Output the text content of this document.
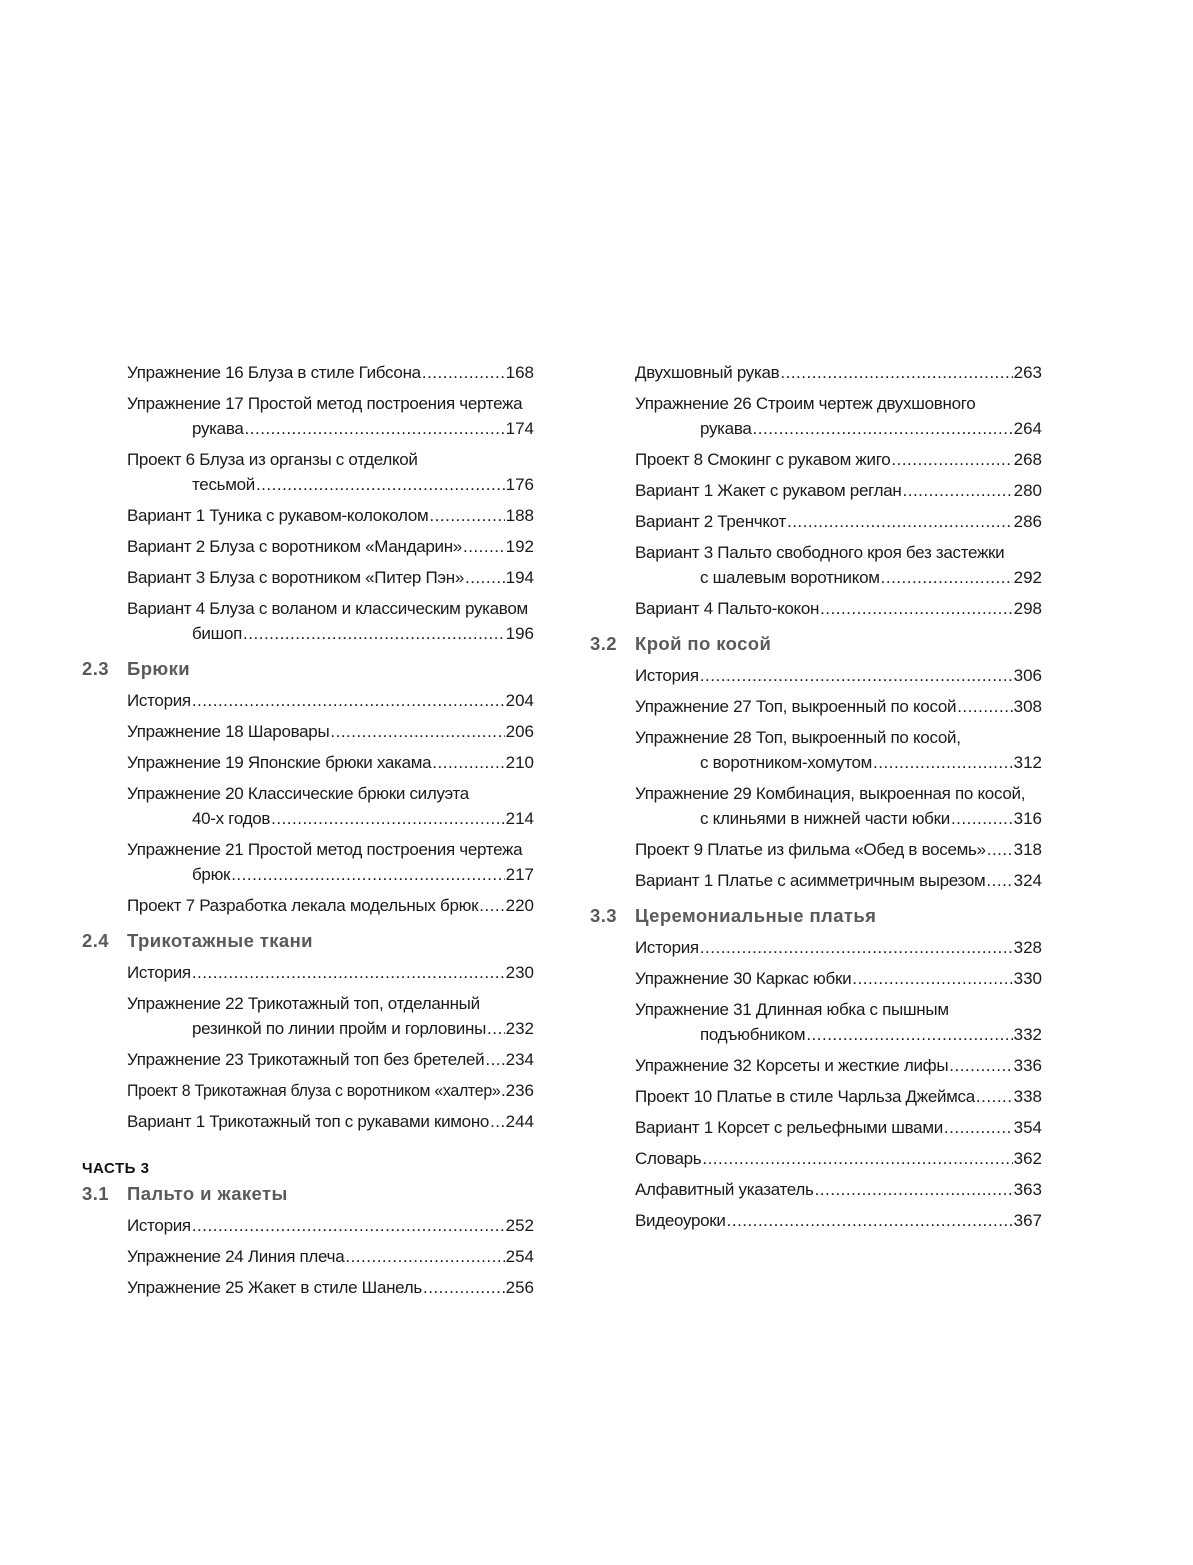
Упражнение 16 Блуза в стиле Гибсона .....	168
Упражнение 17 Простой метод построения чертежа
рукава .....	174
Проект 6 Блуза из органзы с отделкой
тесьмой .....	176
Вариант 1 Туника с рукавом-колоколом .....	188
Вариант 2 Блуза с воротником «Мандарин» .....	192
Вариант 3 Блуза с воротником «Питер Пэн» ..... 194
Вариант 4 Блуза с воланом и классическим рукавом
бишоп .....	196
2.3 Брюки
История .....	204
Упражнение 18 Шаровары .....	206
Упражнение 19 Японские брюки хакама .....	210
Упражнение 20 Классические брюки силуэта
40-х годов .....	214
Упражнение 21 Простой метод построения чертежа
брюк .....	217
Проект 7 Разработка лекала модельных брюк ..... 220
2.4 Трикотажные ткани
История .....	230
Упражнение 22 Трикотажный топ, отделанный
резинкой по линии пройм и горловины ..... 232
Упражнение 23 Трикотажный топ без бретелей ..... 234
Проект 8 Трикотажная блуза с воротником «халтер» ..... 236
Вариант 1 Трикотажный топ с рукавами кимоно ..... 244
ЧАСТЬ 3
3.1 Пальто и жакеты
История .....	252
Упражнение 24 Линия плеча .....	254
Упражнение 25 Жакет в стиле Шанель .....	256
Двухшовный рукав .....	263
Упражнение 26 Строим чертеж двухшовного
рукава .....	264
Проект 8 Смокинг с рукавом жиго .....	268
Вариант 1 Жакет с рукавом реглан .....	280
Вариант 2 Тренчкот .....	286
Вариант 3 Пальто свободного кроя без застежки
с шалевым воротником .....	292
Вариант 4 Пальто-кокон .....	298
3.2 Крой по косой
История .....	306
Упражнение 27 Топ, выкроенный по косой .....	308
Упражнение 28 Топ, выкроенный по косой,
с воротником-хомутом .....	312
Упражнение 29 Комбинация, выкроенная по косой,
с клиньями в нижней части юбки .....	316
Проект 9 Платье из фильма «Обед в восемь» ..... 318
Вариант 1 Платье с асимметричным вырезом ..... 324
3.3 Церемониальные платья
История .....	328
Упражнение 30 Каркас юбки .....	330
Упражнение 31 Длинная юбка с пышным
подъюбником .....	332
Упражнение 32 Корсеты и жесткие лифы .....	336
Проект 10 Платье в стиле Чарльза Джеймса ..... 338
Вариант 1 Корсет с рельефными швами .....	354
Словарь .....	362
Алфавитный указатель .....	363
Видеоуроки .....	367
